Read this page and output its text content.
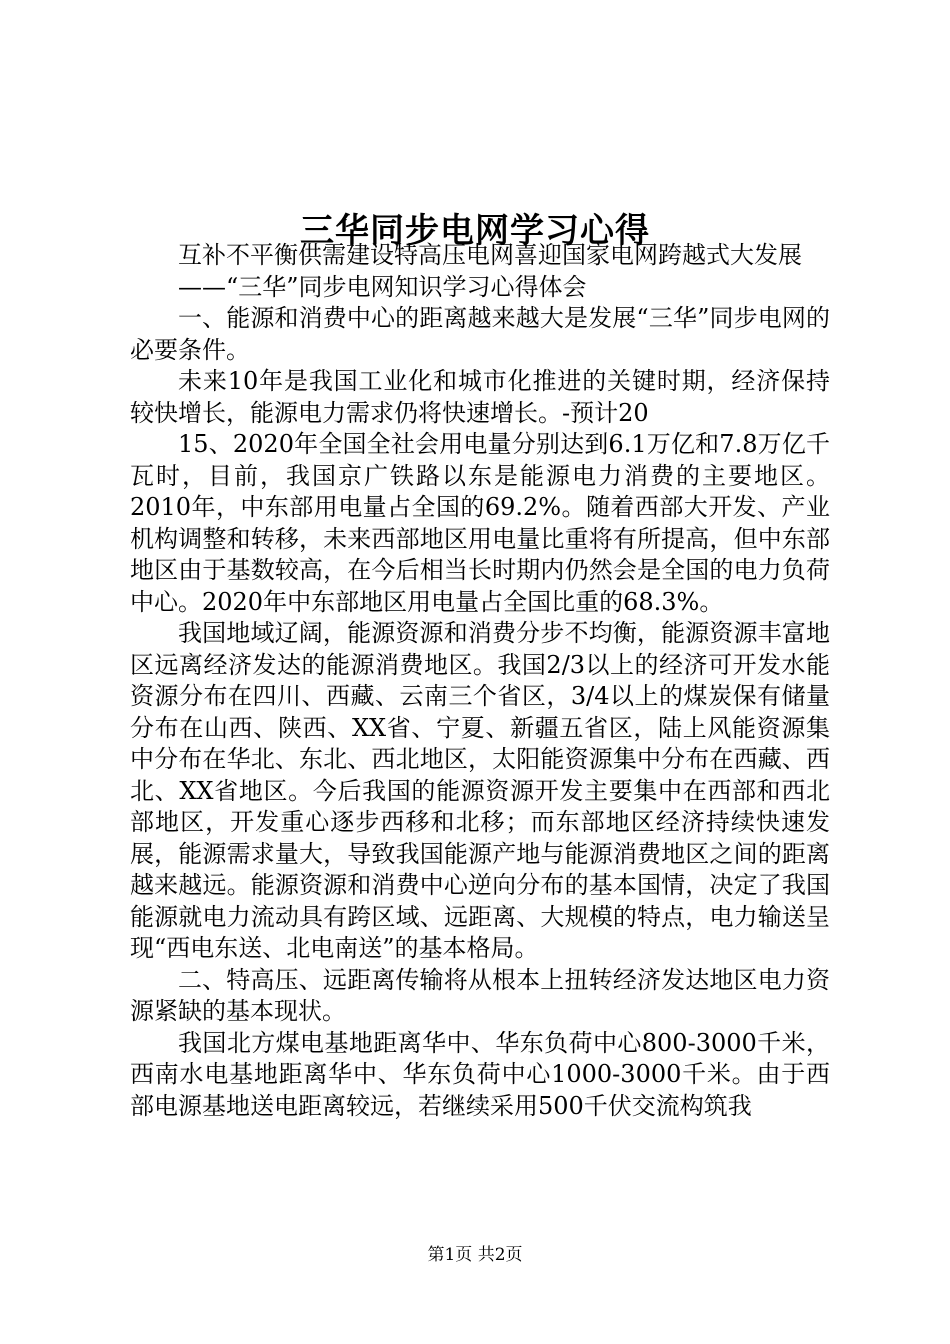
三华同步电网学习心得

互补不平衡供需建设特高压电网喜迎国家电网跨越式大发展

——“三华”同步电网知识学习心得体会

一、能源和消费中心的距离越来越大是发展“三华”同步电网的必要条件。

未来10年是我国工业化和城市化推进的关键时期，经济保持较快增长，能源电力需求仍将快速增长。-预计20

15、2020年全国全社会用电量分别达到6.1万亿和7.8万亿千瓦时，目前，我国京广铁路以东是能源电力消费的主要地区。2010年，中东部用电量占全国的69.2%。随着西部大开发、产业机构调整和转移，未来西部地区用电量比重将有所提高，但中东部地区由于基数较高，在今后相当长时期内仍然会是全国的电力负荷中心。2020年中东部地区用电量占全国比重的68.3%。

我国地域辽阔，能源资源和消费分步不均衡，能源资源丰富地区远离经济发达的能源消费地区。我国2/3以上的经济可开发水能资源分布在四川、西藏、云南三个省区，3/4以上的煤炭保有储量分布在山西、陕西、XX省、宁夏、新疆五省区，陆上风能资源集中分布在华北、东北、西北地区，太阳能资源集中分布在西藏、西北、XX省地区。今后我国的能源资源开发主要集中在西部和西北部地区，开发重心逐步西移和北移；而东部地区经济持续快速发展，能源需求量大，导致我国能源产地与能源消费地区之间的距离越来越远。能源资源和消费中心逆向分布的基本国情，决定了我国能源就电力流动具有跨区域、远距离、大规模的特点，电力输送呈现“西电东送、北电南送”的基本格局。

二、特高压、远距离传输将从根本上扭转经济发达地区电力资源紧缺的基本现状。

我国北方煤电基地距离华中、华东负荷中心800-3000千米，西南水电基地距离华中、华东负荷中心1000-3000千米。由于西部电源基地送电距离较远，若继续采用500千伏交流构筑我

第1页 共2页
